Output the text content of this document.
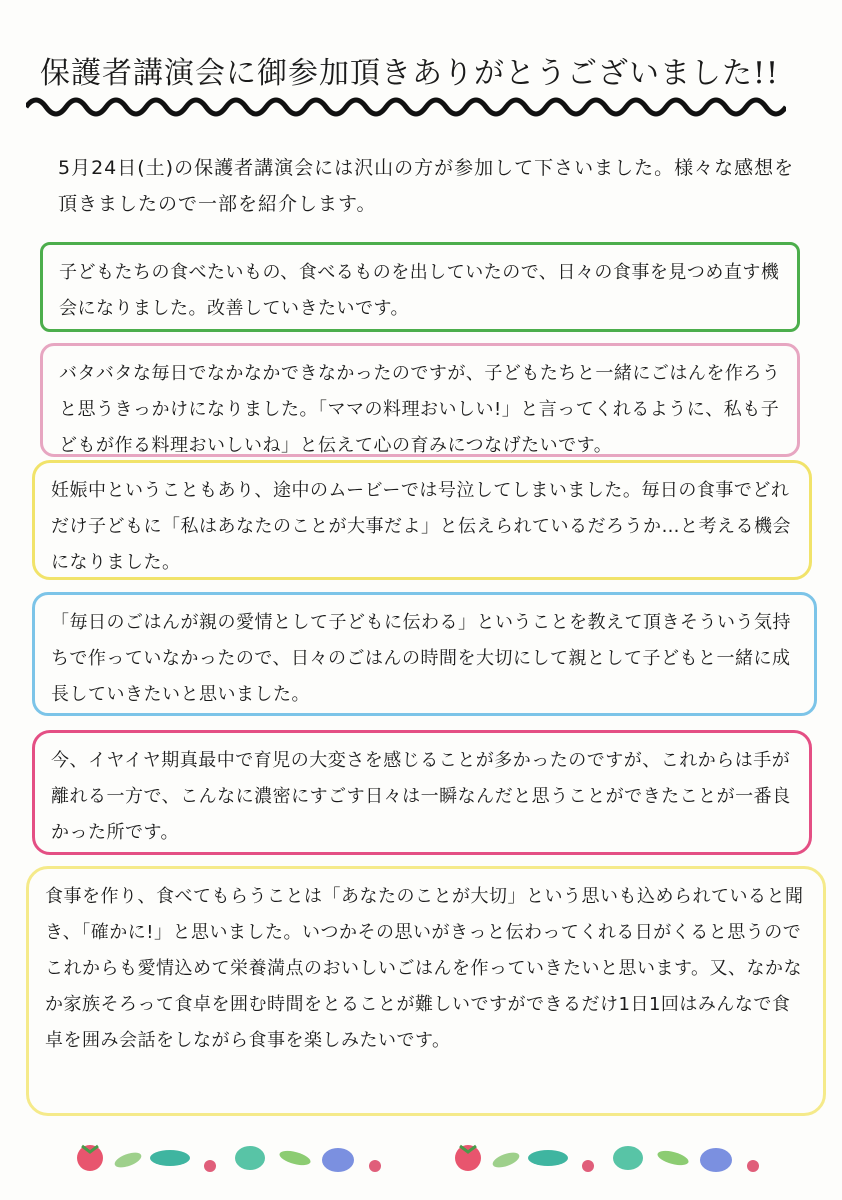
保護者講演会に御参加頂きありがとうございました!!
5月24日(土)の保護者講演会には沢山の方が参加して下さいました。様々な感想を頂きましたので一部を紹介します。

子どもたちの食べたいもの、食べるものを出していたので、日々の食事を見つめ直す機会になりました。改善していきたいです。

バタバタな毎日でなかなかできなかったのですが、子どもたちと一緒にごはんを作ろうと思うきっかけになりました。「ママの料理おいしい!」と言ってくれるように、私も子どもが作る料理おいしいね」と伝えて心の育みにつなげたいです。

妊娠中ということもあり、途中のムービーでは号泣してしまいました。毎日の食事でどれだけ子どもに「私はあなたのことが大事だよ」と伝えられているだろうか…と考える機会になりました。

「毎日のごはんが親の愛情として子どもに伝わる」ということを教えて頂きそういう気持ちで作っていなかったので、日々のごはんの時間を大切にして親として子どもと一緒に成長していきたいと思いました。

今、イヤイヤ期真最中で育児の大変さを感じることが多かったのですが、これからは手が離れる一方で、こんなに濃密にすごす日々は一瞬なんだと思うことができたことが一番良かった所です。

食事を作り、食べてもらうことは「あなたのことが大切」という思いも込められていると聞き、「確かに!」と思いました。いつかその思いがきっと伝わってくれる日がくると思うのでこれからも愛情込めて栄養満点のおいしいごはんを作っていきたいと思います。又、なかなか家族そろって食卓を囲む時間をとることが難しいですができるだけ1日1回はみんなで食卓を囲み会話をしながら食事を楽しみたいです。
